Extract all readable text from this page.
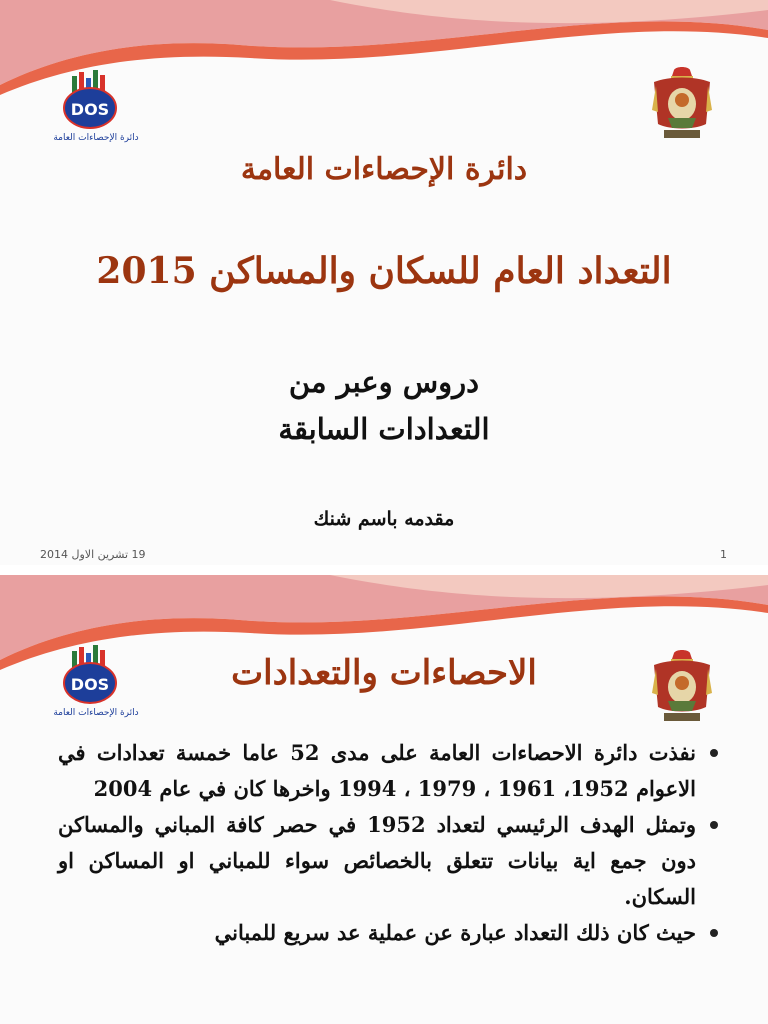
DOS
دائرة الإحصاءات العامة
دائرة الإحصاءات العامة
التعداد العام للسكان والمساكن 2015
دروس وعبر من
التعدادات السابقة
مقدمه باسم شنك
19 تشرين الاول 2014	1
DOS
دائرة الإحصاءات العامة
الاحصاءات والتعدادات
نفذت دائرة الاحصاءات العامة على مدى 52 عاما خمسة تعدادات في الاعوام 1952، 1961 ، 1979 ، 1994 واخرها كان في عام 2004
وتمثل الهدف الرئيسي لتعداد 1952 في حصر كافة المباني والمساكن دون جمع اية بيانات تتعلق بالخصائص سواء للمباني او المساكن او السكان.
حيث كان ذلك التعداد عبارة عن عملية عد سريع للمباني
